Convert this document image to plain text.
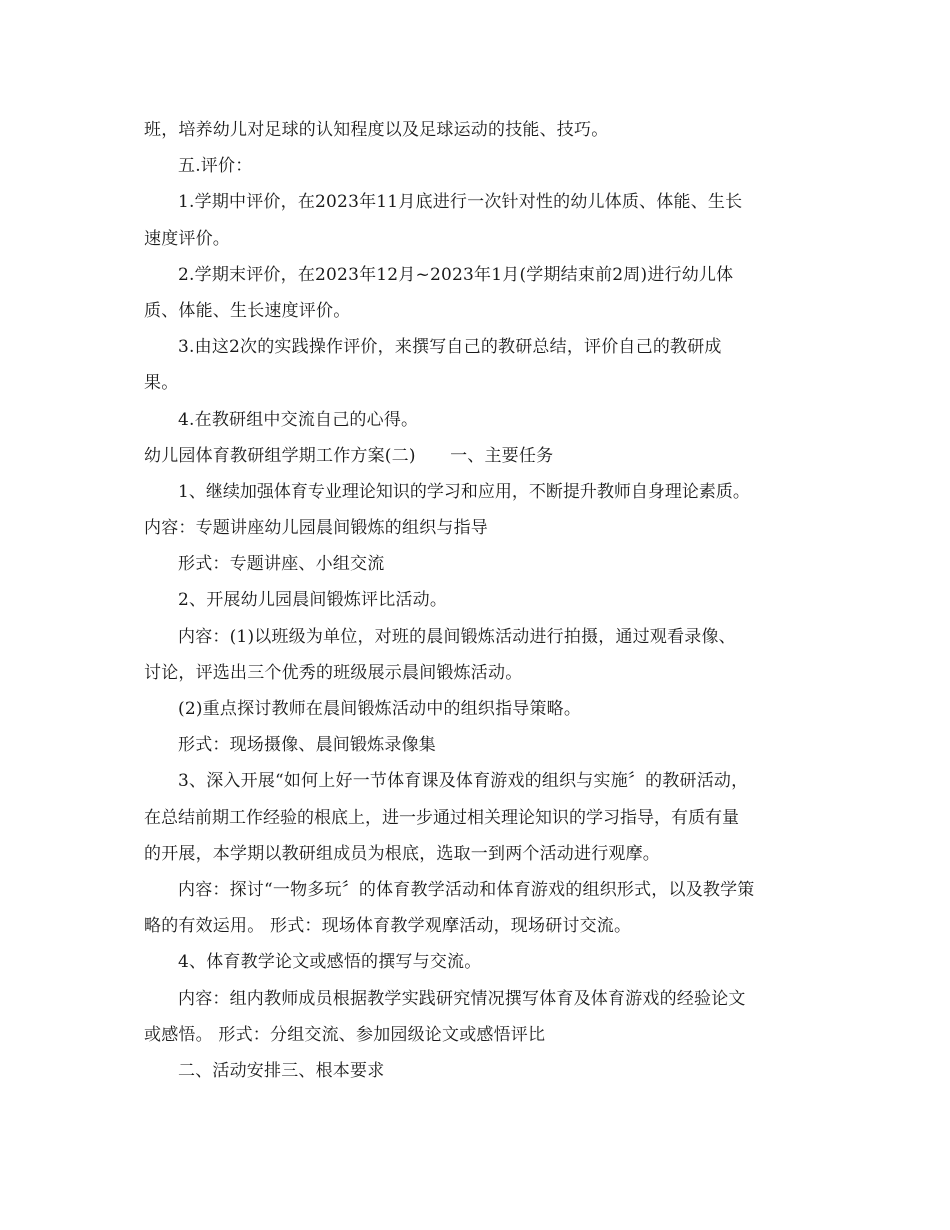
班，培养幼儿对足球的认知程度以及足球运动的技能、技巧。
五.评价：
1.学期中评价，在2023年11月底进行一次针对性的幼儿体质、体能、生长
速度评价。
2.学期末评价，在2023年12月~2023年1月(学期结束前2周)进行幼儿体
质、体能、生长速度评价。
3.由这2次的实践操作评价，来撰写自己的教研总结，评价自己的教研成
果。
4.在教研组中交流自己的心得。
幼儿园体育教研组学期工作方案(二)　　一、主要任务
1、继续加强体育专业理论知识的学习和应用，不断提升教师自身理论素质。
内容：专题讲座幼儿园晨间锻炼的组织与指导
形式：专题讲座、小组交流
2、开展幼儿园晨间锻炼评比活动。
内容：(1)以班级为单位，对班的晨间锻炼活动进行拍摄，通过观看录像、
讨论，评选出三个优秀的班级展示晨间锻炼活动。
(2)重点探讨教师在晨间锻炼活动中的组织指导策略。
形式：现场摄像、晨间锻炼录像集
3、深入开展“如何上好一节体育课及体育游戏的组织与实施〞的教研活动，
在总结前期工作经验的根底上，进一步通过相关理论知识的学习指导，有质有量
的开展，本学期以教研组成员为根底，选取一到两个活动进行观摩。
内容：探讨“一物多玩〞的体育教学活动和体育游戏的组织形式，以及教学策
略的有效运用。 形式：现场体育教学观摩活动，现场研讨交流。
4、体育教学论文或感悟的撰写与交流。
内容：组内教师成员根据教学实践研究情况撰写体育及体育游戏的经验论文
或感悟。 形式：分组交流、参加园级论文或感悟评比
二、活动安排三、根本要求
